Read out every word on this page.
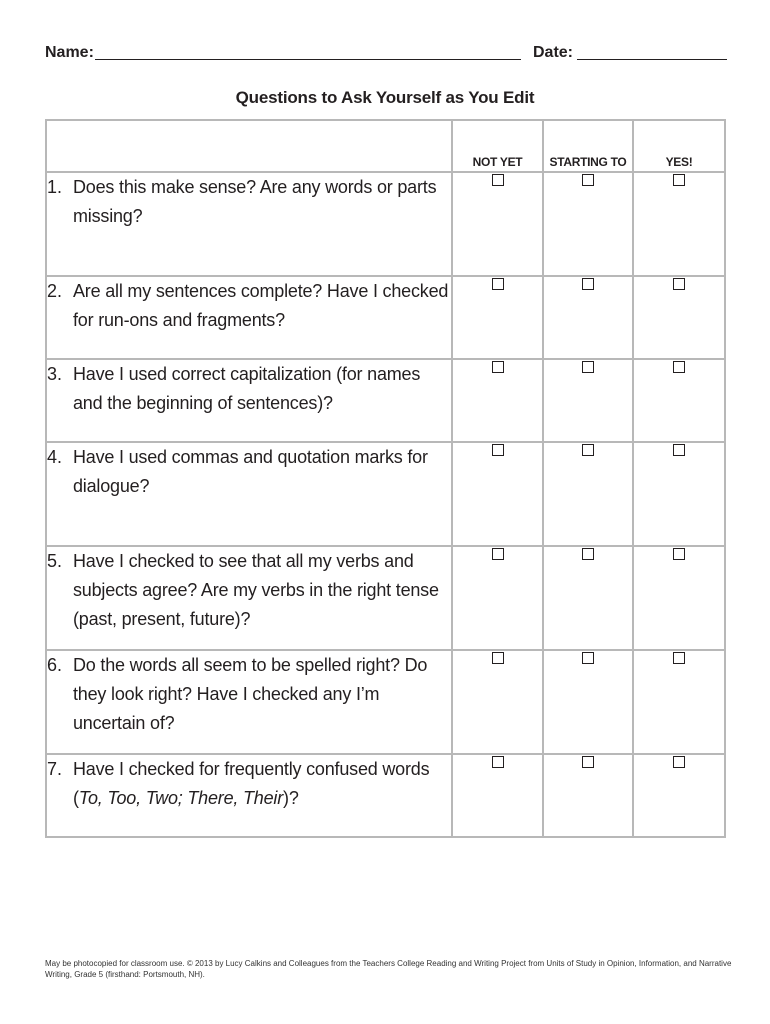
Name:	Date:
Questions to Ask Yourself as You Edit
	NOT YET	STARTING TO	YES!

1. Does this make sense? Are any words or parts missing?			

2. Are all my sentences complete? Have I checked for run-ons and fragments?			

3. Have I used correct capitalization (for names and the beginning of sentences)?			

4. Have I used commas and quotation marks for dialogue?			

5. Have I checked to see that all my verbs and subjects agree? Are my verbs in the right tense (past, present, future)?			

6. Do the words all seem to be spelled right? Do they look right? Have I checked any I’m uncertain of?			

7. Have I checked for frequently confused words (To, Too, Two; There, Their)?			

May be photocopied for classroom use. © 2013 by Lucy Calkins and Colleagues from the Teachers College Reading and Writing Project from Units of Study in Opinion, Information, and Narrative Writing, Grade 5 (firsthand: Portsmouth, NH).
